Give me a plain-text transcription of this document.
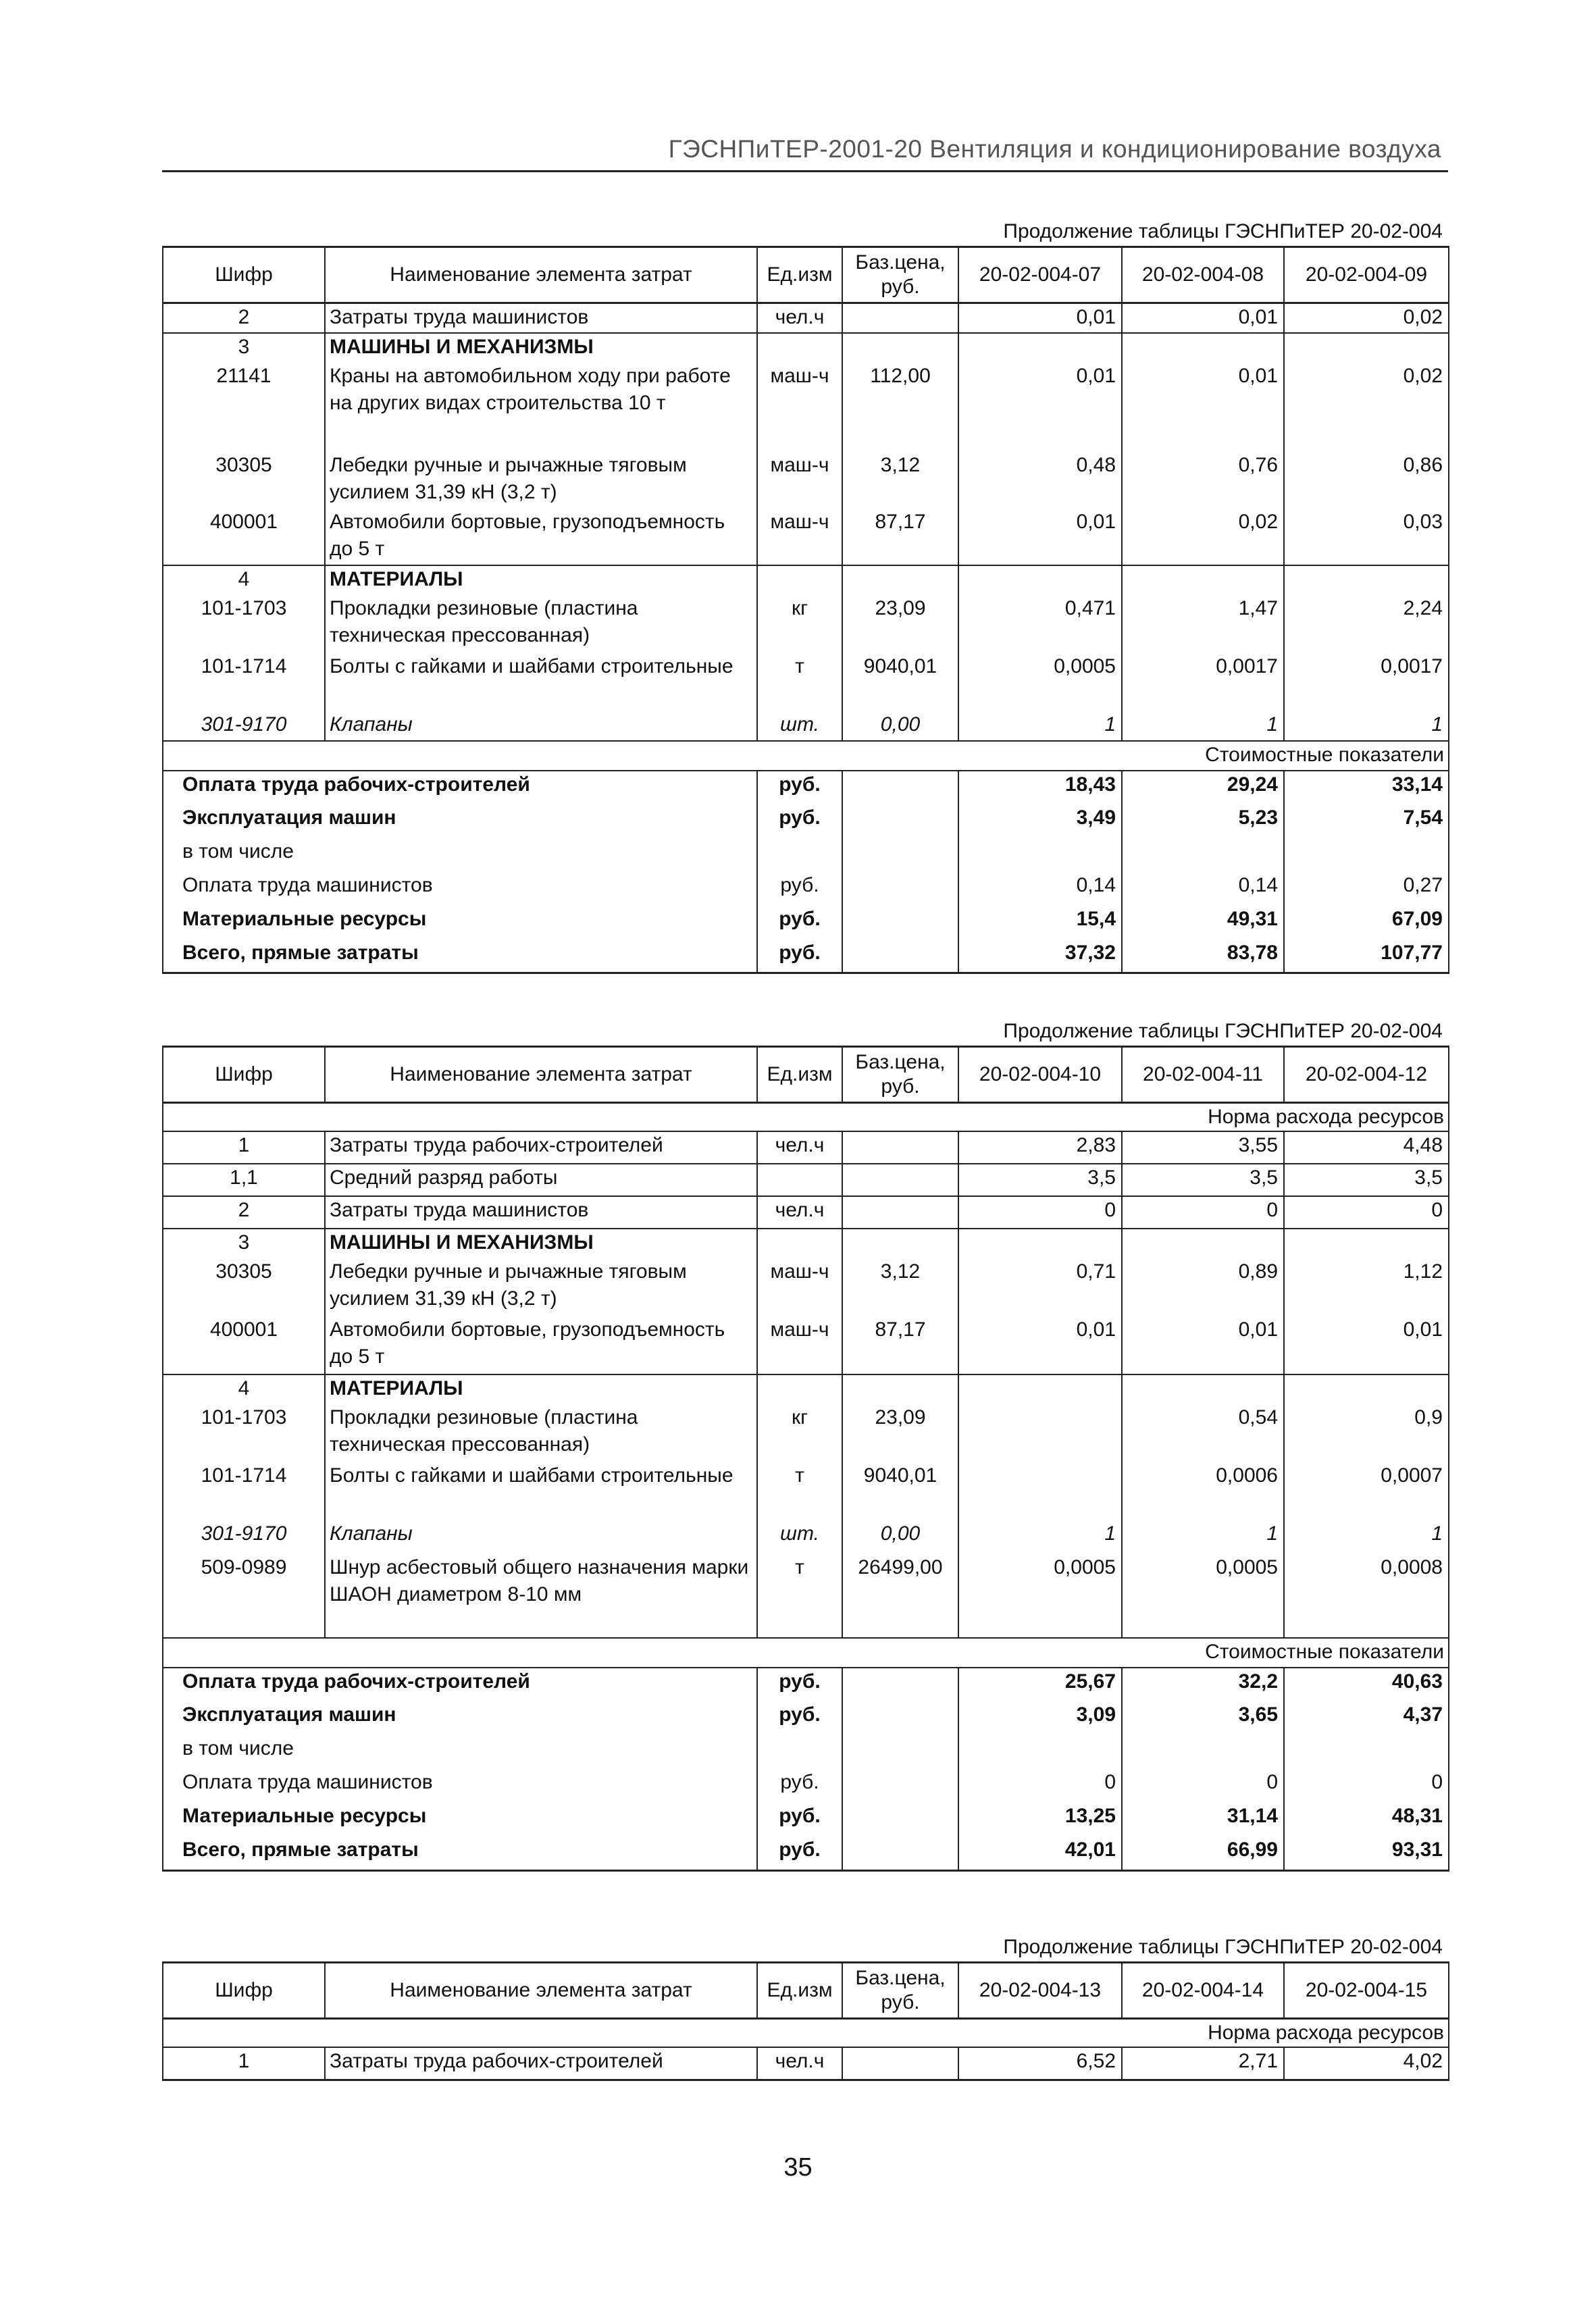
ГЭСНПиТЕР-2001-20 Вентиляция и кондиционирование воздуха
Продолжение таблицы ГЭСНПиТЕР 20-02-004
Шифр	Наименование элемента затрат	Ед.изм	Баз.цена, руб.	20-02-004-07	20-02-004-08	20-02-004-09
2	Затраты труда машинистов	чел.ч		0,01	0,01	0,02
3	МАШИНЫ И МЕХАНИЗМЫ					
21141	Краны на автомобильном ходу при работе на других видах строительства 10 т	маш-ч	112,00	0,01	0,01	0,02
30305	Лебедки ручные и рычажные тяговым усилием 31,39 кН (3,2 т)	маш-ч	3,12	0,48	0,76	0,86
400001	Автомобили бортовые, грузоподъемность до 5 т	маш-ч	87,17	0,01	0,02	0,03
4	МАТЕРИАЛЫ					
101-1703	Прокладки резиновые (пластина техническая прессованная)	кг	23,09	0,471	1,47	2,24
101-1714	Болты с гайками и шайбами строительные	т	9040,01	0,0005	0,0017	0,0017
301-9170	Клапаны	шт.	0,00	1	1	1
Стоимостные показатели						
Оплата труда рабочих-строителей		руб.		18,43	29,24	33,14
Эксплуатация машин		руб.		3,49	5,23	7,54
в том числе						
Оплата труда машинистов		руб.		0,14	0,14	0,27
Материальные ресурсы		руб.		15,4	49,31	67,09
Всего, прямые затраты		руб.		37,32	83,78	107,77
Продолжение таблицы ГЭСНПиТЕР 20-02-004
Шифр	Наименование элемента затрат	Ед.изм	Баз.цена, руб.	20-02-004-10	20-02-004-11	20-02-004-12
Норма расхода ресурсов						
1	Затраты труда рабочих-строителей	чел.ч		2,83	3,55	4,48
1,1	Средний разряд работы			3,5	3,5	3,5
2	Затраты труда машинистов	чел.ч		0	0	0
3	МАШИНЫ И МЕХАНИЗМЫ					
30305	Лебедки ручные и рычажные тяговым усилием 31,39 кН (3,2 т)	маш-ч	3,12	0,71	0,89	1,12
400001	Автомобили бортовые, грузоподъемность до 5 т	маш-ч	87,17	0,01	0,01	0,01
4	МАТЕРИАЛЫ					
101-1703	Прокладки резиновые (пластина техническая прессованная)	кг	23,09		0,54	0,9
101-1714	Болты с гайками и шайбами строительные	т	9040,01		0,0006	0,0007
301-9170	Клапаны	шт.	0,00	1	1	1
509-0989	Шнур асбестовый общего назначения марки ШАОН диаметром 8-10 мм	т	26499,00	0,0005	0,0005	0,0008
Стоимостные показатели						
Оплата труда рабочих-строителей		руб.		25,67	32,2	40,63
Эксплуатация машин		руб.		3,09	3,65	4,37
в том числе						
Оплата труда машинистов		руб.		0	0	0
Материальные ресурсы		руб.		13,25	31,14	48,31
Всего, прямые затраты		руб.		42,01	66,99	93,31
Продолжение таблицы ГЭСНПиТЕР 20-02-004
Шифр	Наименование элемента затрат	Ед.изм	Баз.цена, руб.	20-02-004-13	20-02-004-14	20-02-004-15
Норма расхода ресурсов						
1	Затраты труда рабочих-строителей	чел.ч		6,52	2,71	4,02
35
